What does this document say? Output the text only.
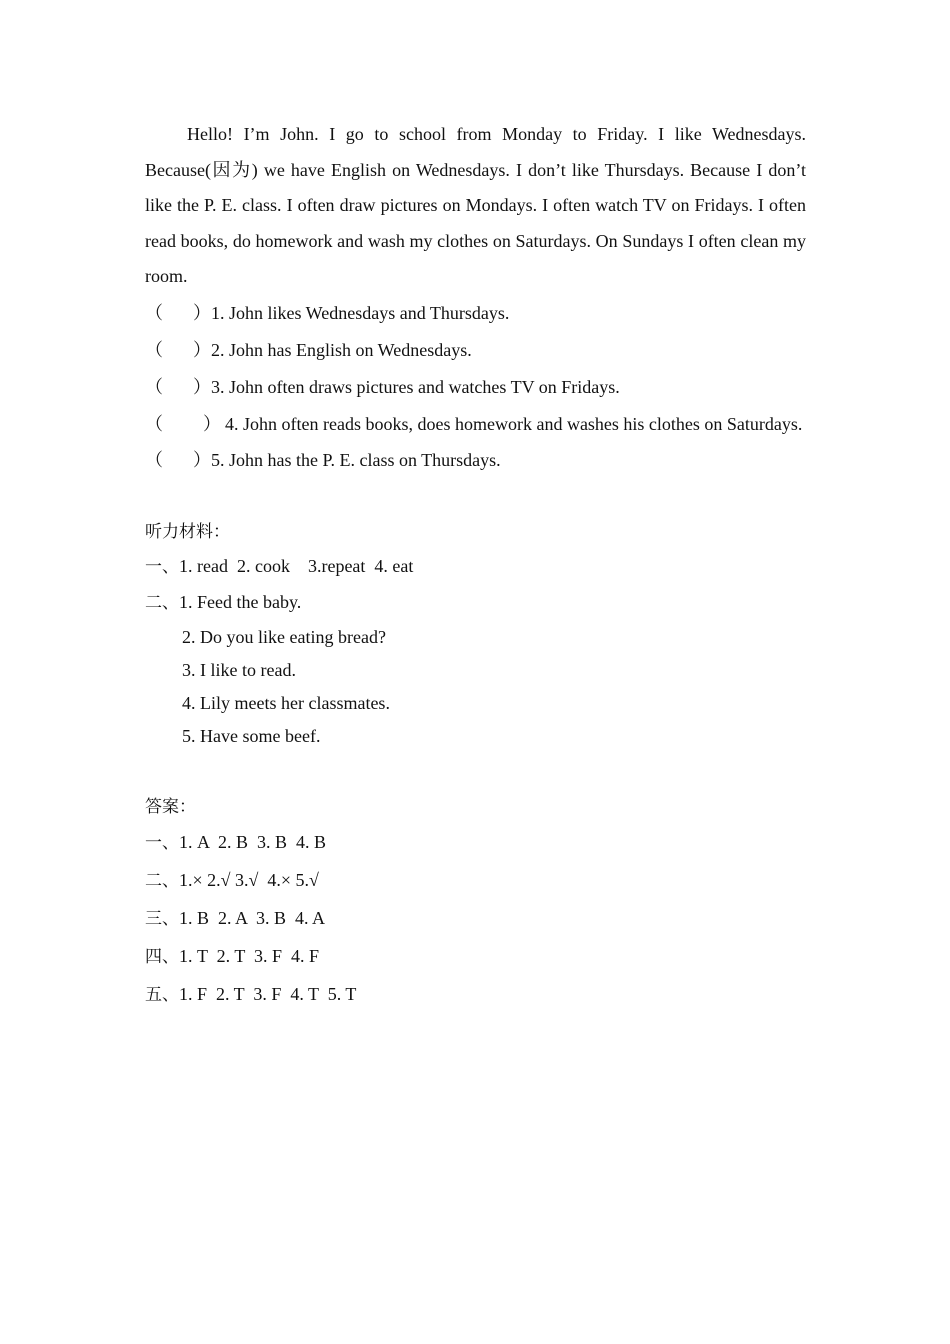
Hello! I’m John. I go to school from Monday to Friday. I like Wednesdays. Because(因为) we have English on Wednesdays. I don’t like Thursdays. Because I don’t like the P. E. class. I often draw pictures on Mondays. I often watch TV on Fridays. I often read books, do homework and wash my clothes on Saturdays. On Sundays I often clean my room.

（	） 1. John likes Wednesdays and Thursdays.

（	） 2. John has English on Wednesdays.

（	） 3. John often draws pictures and watches TV on Fridays.

（ ） 4. John often reads books, does homework and washes his clothes on Saturdays.

（	） 5. John has the P. E. class on Thursdays.

听力材料：

一、1. read  2. cook    3.repeat  4. eat

二、1. Feed the baby.

2. Do you like eating bread?

3. I like to read.

4. Lily meets her classmates.

5. Have some beef.

答案：

一、1. A  2. B  3. B  4. B

二、1.× 2.√ 3.√  4.× 5.√

三、1. B  2. A  3. B  4. A

四、1. T  2. T  3. F  4. F

五、1. F  2. T  3. F  4. T  5. T
